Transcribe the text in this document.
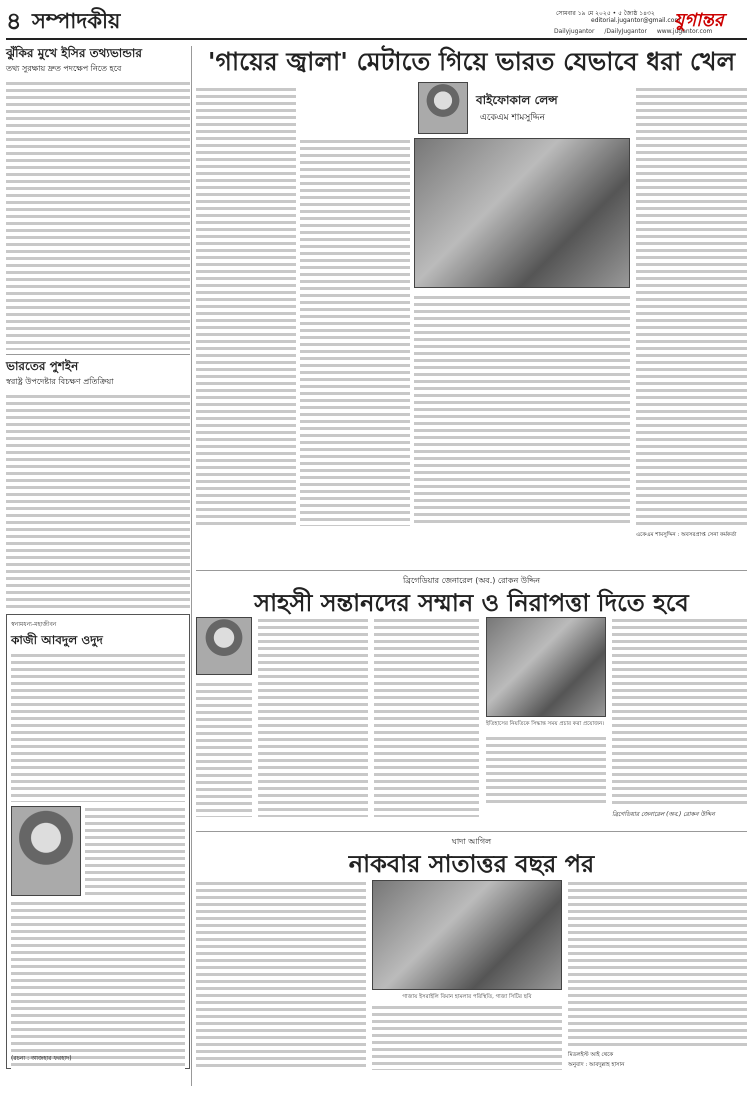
৪ সম্পাদকীয়	সোমবার ১৯ মে ২০২৫ • ৫ জ্যৈষ্ঠ ১৪৩২
editorial.jugantor@gmail.com
যুগান্তর
Dailyjugantor /DailyJugantor www.jugantor.com
ঝুঁকির মুখে ইসির তথ্যভান্ডার
তথ্য সুরক্ষায় দ্রুত পদক্ষেপ নিতে হবে
ভারতের পুশইন
স্বরাষ্ট্র উপদেষ্টার বিচক্ষণ প্রতিক্রিয়া
স্বনামধন্য-মহাজীবন
কাজী আবদুল ওদুদ
(রচনা : আজহার ফরহাদ)
'গায়ের জ্বালা' মেটাতে গিয়ে ভারত যেভাবে ধরা খেল
বাইফোকাল লেন্স
একেএম শামসুদ্দিন
একেএম শামসুদ্দিন : অবসরপ্রাপ্ত সেনা কর্মকর্তা
ব্রিগেডিয়ার জেনারেল (অব.) রোকন উদ্দিন
সাহসী সন্তানদের সম্মান ও নিরাপত্তা দিতে হবে
ইতিহাসের নিয়তিকে সিদ্ধান্ত সময় প্রচার করা প্রয়োজন।
ব্রিগেডিয়ার জেনারেল (অব.) রোকন উদ্দিন
ঘাদা আগিল
নাকবার সাতাত্তর বছর পর
গাজায় ইসরাইলি বিমান হামলার পরিস্থিতি, গাজা সিটির ছবি
মিডলইস্ট আই থেকে
অনুবাদ : আবদুল্লাহ হাসান
